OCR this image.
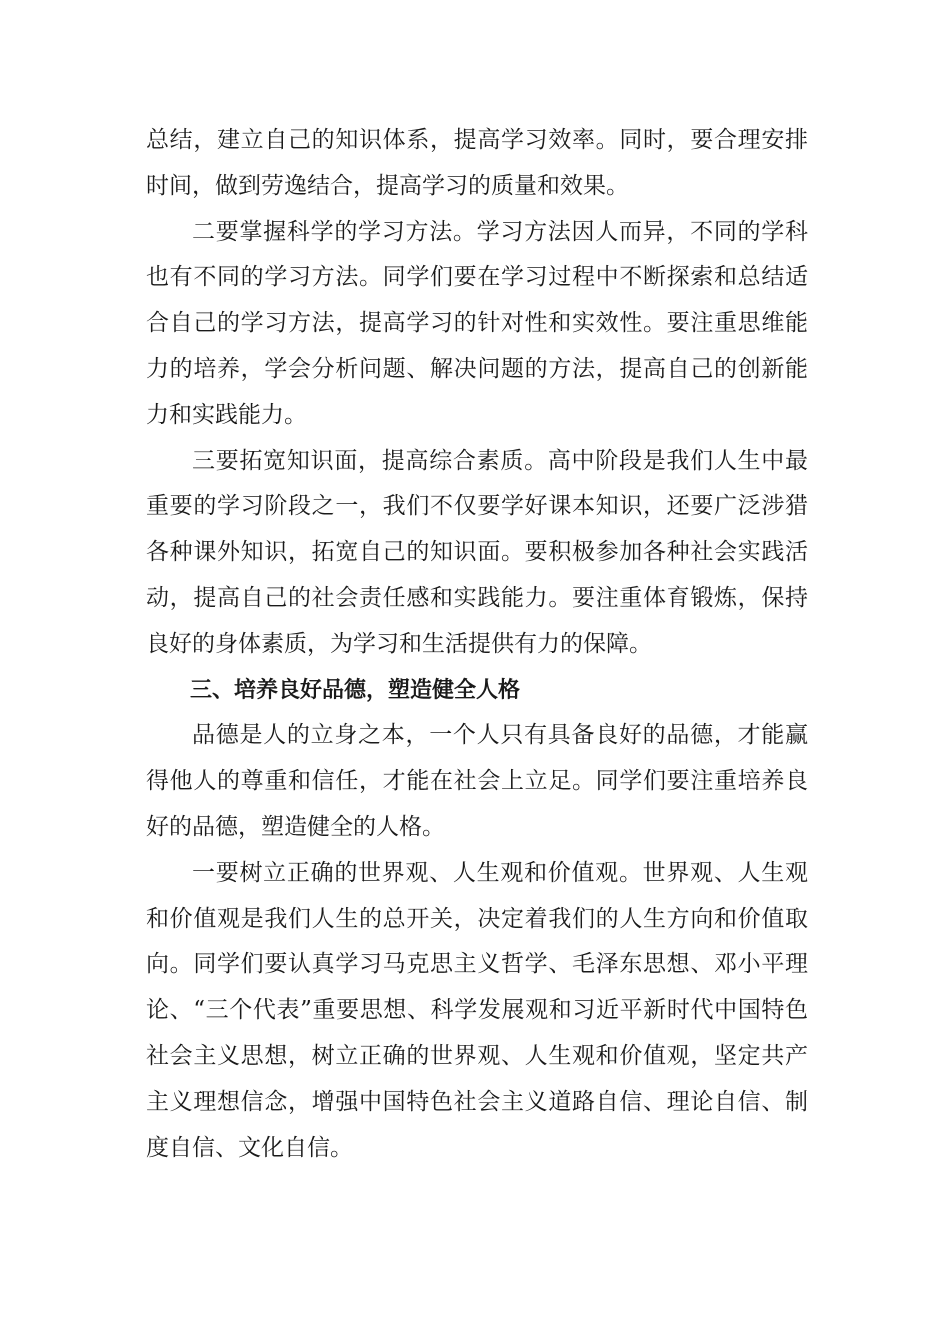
总结，建立自己的知识体系，提高学习效率。同时，要合理安排时间，做到劳逸结合，提高学习的质量和效果。

二要掌握科学的学习方法。学习方法因人而异，不同的学科也有不同的学习方法。同学们要在学习过程中不断探索和总结适合自己的学习方法，提高学习的针对性和实效性。要注重思维能力的培养，学会分析问题、解决问题的方法，提高自己的创新能力和实践能力。

三要拓宽知识面，提高综合素质。高中阶段是我们人生中最重要的学习阶段之一，我们不仅要学好课本知识，还要广泛涉猎各种课外知识，拓宽自己的知识面。要积极参加各种社会实践活动，提高自己的社会责任感和实践能力。要注重体育锻炼，保持良好的身体素质，为学习和生活提供有力的保障。

三、培养良好品德，塑造健全人格

品德是人的立身之本，一个人只有具备良好的品德，才能赢得他人的尊重和信任，才能在社会上立足。同学们要注重培养良好的品德，塑造健全的人格。

一要树立正确的世界观、人生观和价值观。世界观、人生观和价值观是我们人生的总开关，决定着我们的人生方向和价值取向。同学们要认真学习马克思主义哲学、毛泽东思想、邓小平理论、“三个代表”重要思想、科学发展观和习近平新时代中国特色社会主义思想，树立正确的世界观、人生观和价值观，坚定共产主义理想信念，增强中国特色社会主义道路自信、理论自信、制度自信、文化自信。
